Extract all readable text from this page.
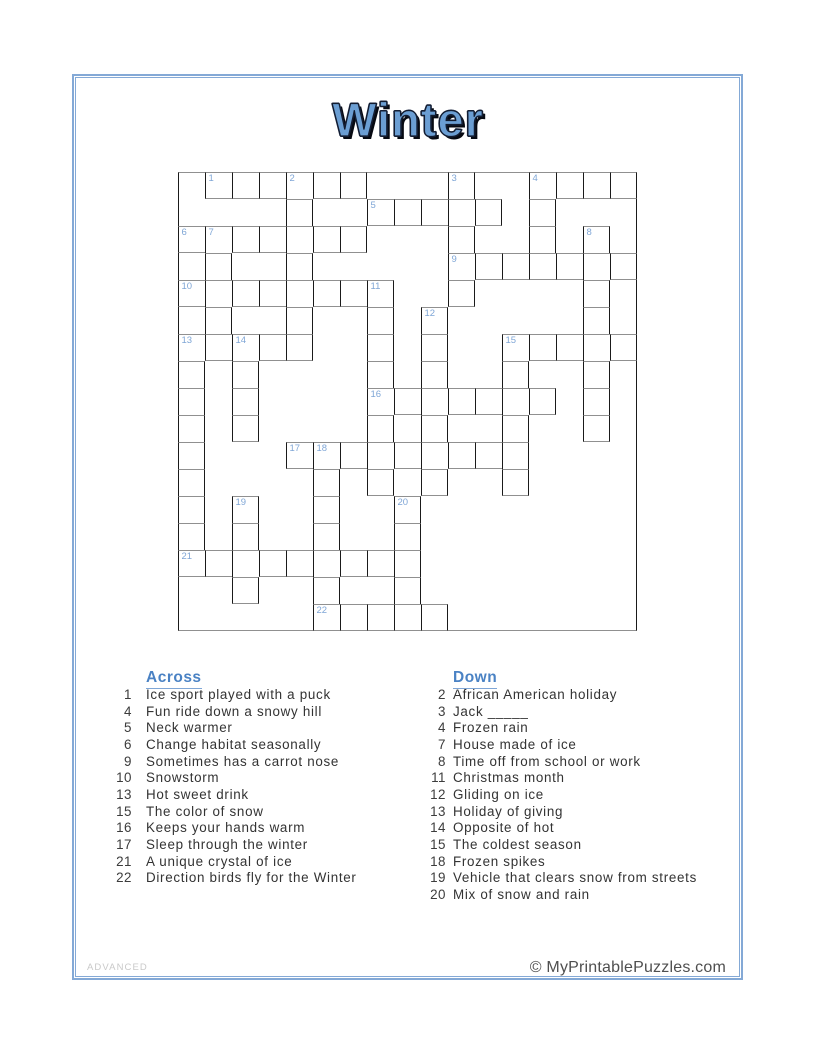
Winter
1	2	3	4
5
6 7	8
9
10	11
12
13	14	15
16
17 18
19	20
21
22
Across
1 Ice sport played with a puck
4 Fun ride down a snowy hill
5 Neck warmer
6 Change habitat seasonally
9 Sometimes has a carrot nose
10 Snowstorm
13 Hot sweet drink
15 The color of snow
16 Keeps your hands warm
17 Sleep through the winter
21 A unique crystal of ice
22 Direction birds fly for the Winter
Down
2 African American holiday
3 Jack _____
4 Frozen rain
7 House made of ice
8 Time off from school or work
11 Christmas month
12 Gliding on ice
13 Holiday of giving
14 Opposite of hot
15 The coldest season
18 Frozen spikes
19 Vehicle that clears snow from streets
20 Mix of snow and rain
ADVANCED	© MyPrintablePuzzles.com
